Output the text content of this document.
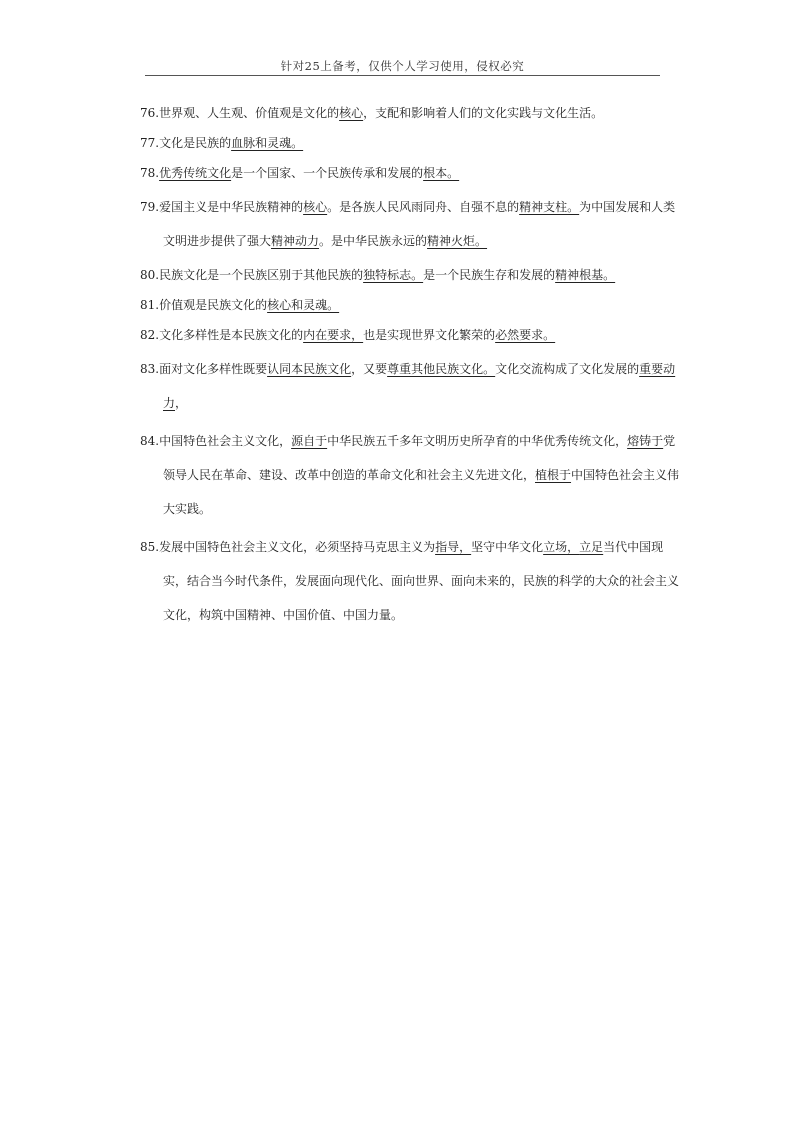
针对25上备考，仅供个人学习使用，侵权必究
76.世界观、人生观、价值观是文化的核心，支配和影响着人们的文化实践与文化生活。
77.文化是民族的血脉和灵魂。
78.优秀传统文化是一个国家、一个民族传承和发展的根本。
79.爱国主义是中华民族精神的核心。是各族人民风雨同舟、自强不息的精神支柱。为中国发展和人类文明进步提供了强大精神动力。是中华民族永远的精神火炬。
80.民族文化是一个民族区别于其他民族的独特标志。是一个民族生存和发展的精神根基。
81.价值观是民族文化的核心和灵魂。
82.文化多样性是本民族文化的内在要求，也是实现世界文化繁荣的必然要求。
83.面对文化多样性既要认同本民族文化，又要尊重其他民族文化。文化交流构成了文化发展的重要动力，
84.中国特色社会主义文化，源自于中华民族五千多年文明历史所孕育的中华优秀传统文化，熔铸于党领导人民在革命、建设、改革中创造的革命文化和社会主义先进文化，植根于中国特色社会主义伟大实践。
85.发展中国特色社会主义文化，必须坚持马克思主义为指导，坚守中华文化立场，立足当代中国现实，结合当今时代条件，发展面向现代化、面向世界、面向未来的，民族的科学的大众的社会主义文化，构筑中国精神、中国价值、中国力量。
